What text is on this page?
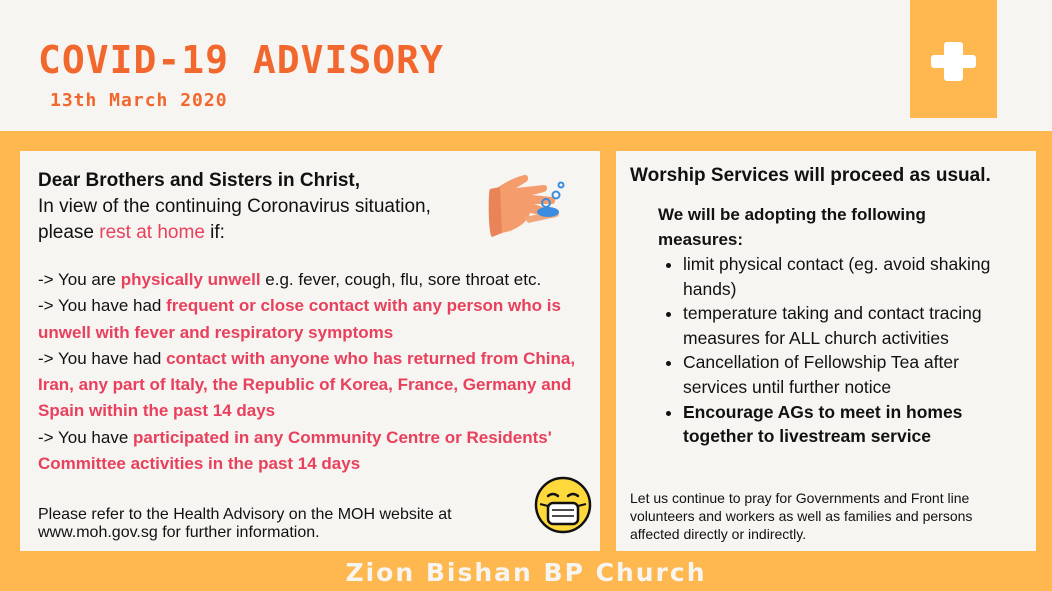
COVID-19 ADVISORY
13th March 2020

Dear Brothers and Sisters in Christ,
In view of the continuing Coronavirus situation,
please rest at home if:

-> You are physically unwell e.g. fever, cough, flu, sore throat etc.
-> You have had frequent or close contact with any person who is unwell with fever and respiratory symptoms
-> You have had contact with anyone who has returned from China, Iran, any part of Italy, the Republic of Korea, France, Germany and Spain within the past 14 days
-> You have participated in any Community Centre or Residents' Committee activities in the past 14 days

Please refer to the Health Advisory on the MOH website at www.moh.gov.sg for further information.

Worship Services will proceed as usual.

We will be adopting the following measures:

• limit physical contact (eg. avoid shaking hands)
• temperature taking and contact tracing measures for ALL church activities
• Cancellation of Fellowship Tea after services until further notice
• Encourage AGs to meet in homes together to livestream service

Let us continue to pray for Governments and Front line volunteers and workers as well as families and persons affected directly or indirectly.

Zion Bishan BP Church
